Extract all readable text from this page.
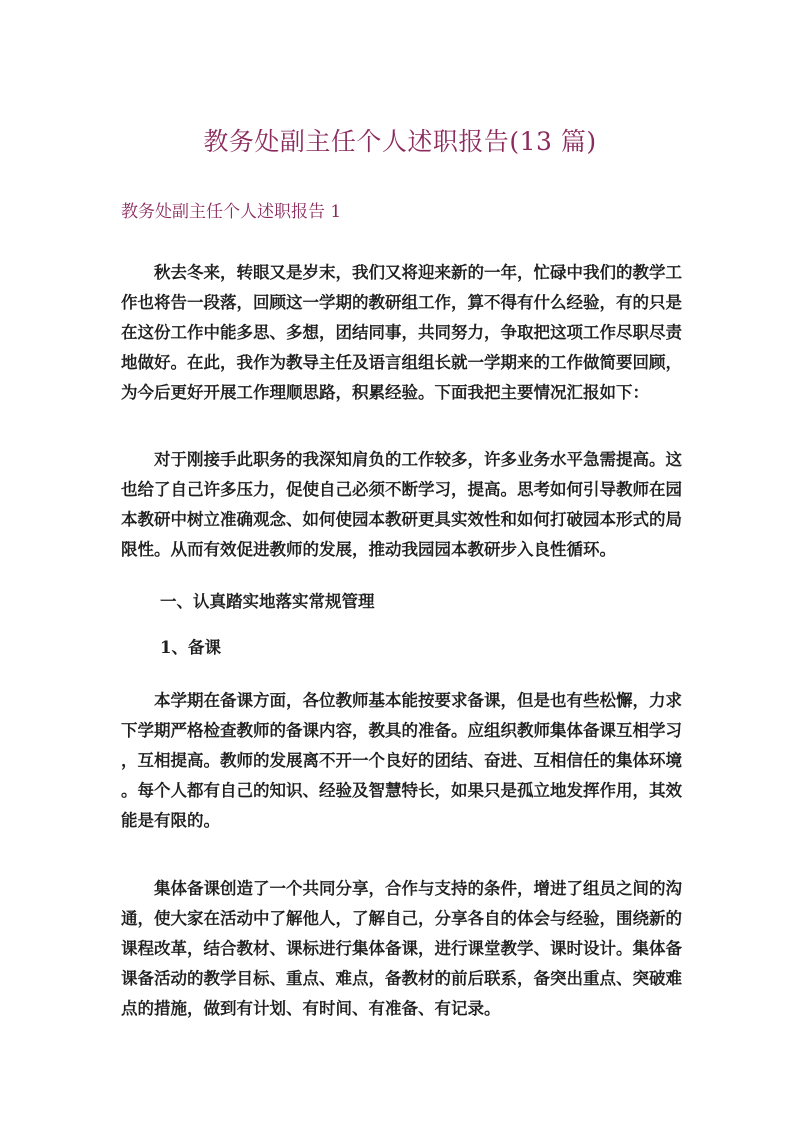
教务处副主任个人述职报告(13 篇)
教务处副主任个人述职报告 1
秋去冬来，转眼又是岁末，我们又将迎来新的一年，忙碌中我们的教学工
作也将告一段落，回顾这一学期的教研组工作，算不得有什么经验，有的只是
在这份工作中能多思、多想，团结同事，共同努力，争取把这项工作尽职尽责
地做好。在此，我作为教导主任及语言组组长就一学期来的工作做简要回顾，
为今后更好开展工作理顺思路，积累经验。下面我把主要情况汇报如下：
对于刚接手此职务的我深知肩负的工作较多，许多业务水平急需提高。这
也给了自己许多压力，促使自己必须不断学习，提高。思考如何引导教师在园
本教研中树立准确观念、如何使园本教研更具实效性和如何打破园本形式的局
限性。从而有效促进教师的发展，推动我园园本教研步入良性循环。
一、认真踏实地落实常规管理
1、备课
本学期在备课方面，各位教师基本能按要求备课，但是也有些松懈，力求
下学期严格检查教师的备课内容，教具的准备。应组织教师集体备课互相学习
，互相提高。教师的发展离不开一个良好的团结、奋进、互相信任的集体环境
。每个人都有自己的知识、经验及智慧特长，如果只是孤立地发挥作用，其效
能是有限的。
集体备课创造了一个共同分享，合作与支持的条件，增进了组员之间的沟
通，使大家在活动中了解他人，了解自己，分享各自的体会与经验，围绕新的
课程改革，结合教材、课标进行集体备课，进行课堂教学、课时设计。集体备
课备活动的教学目标、重点、难点，备教材的前后联系，备突出重点、突破难
点的措施，做到有计划、有时间、有准备、有记录。
